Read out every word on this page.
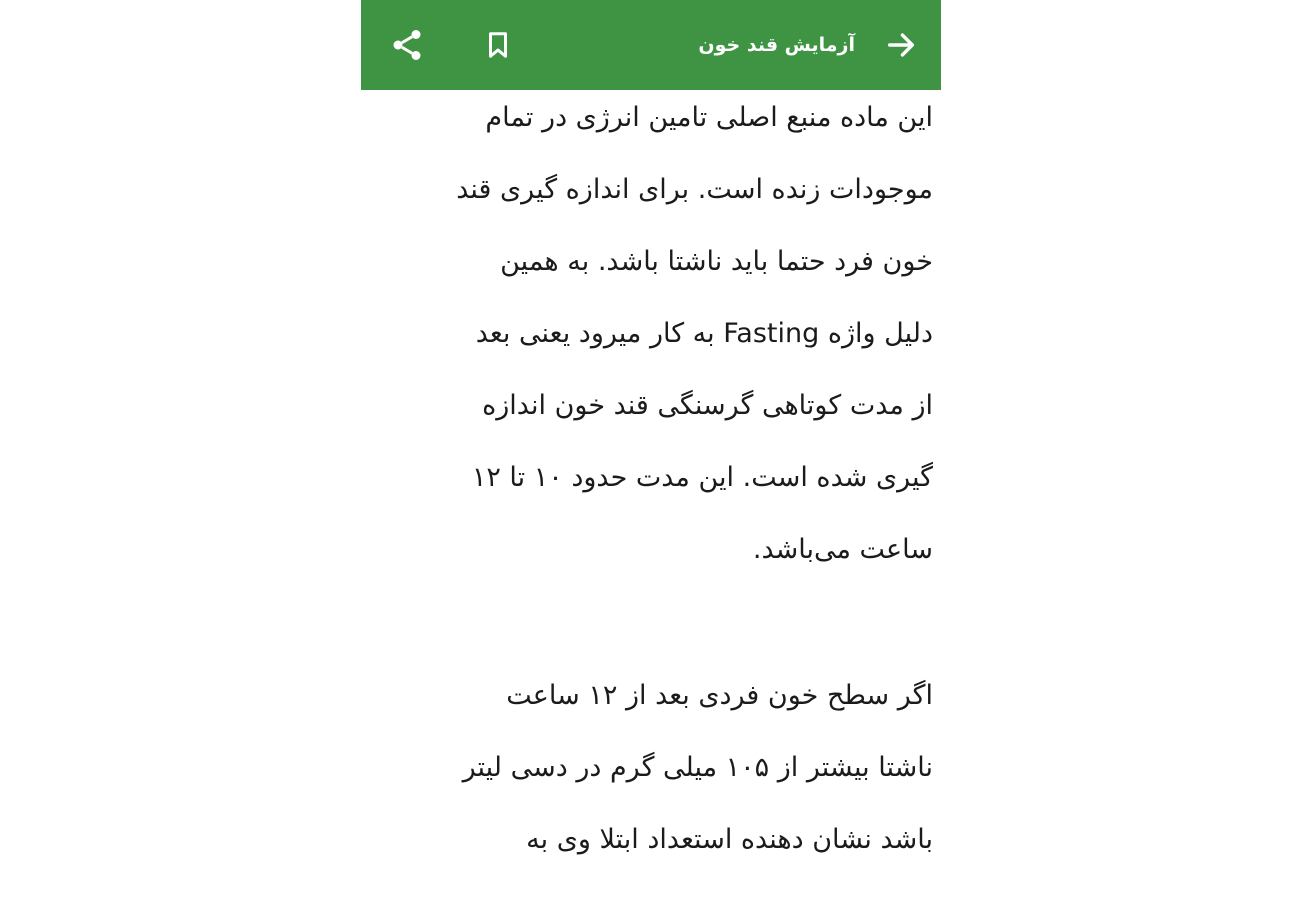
آزمایش قند خون

این ماده منبع اصلی تامین انرژی در تمام
موجودات زنده است. برای اندازه گیری قند
خون فرد حتما باید ناشتا باشد. به همین
دلیل واژه Fasting به کار میرود یعنی بعد
از مدت کوتاهی گرسنگی قند خون اندازه
گیری شده است. این مدت حدود ۱۰ تا ۱۲
ساعت می‌باشد.

اگر سطح خون فردی بعد از ۱۲ ساعت
ناشتا بیشتر از ۱۰۵ میلی گرم در دسی لیتر
باشد نشان دهنده استعداد ابتلا وی به
